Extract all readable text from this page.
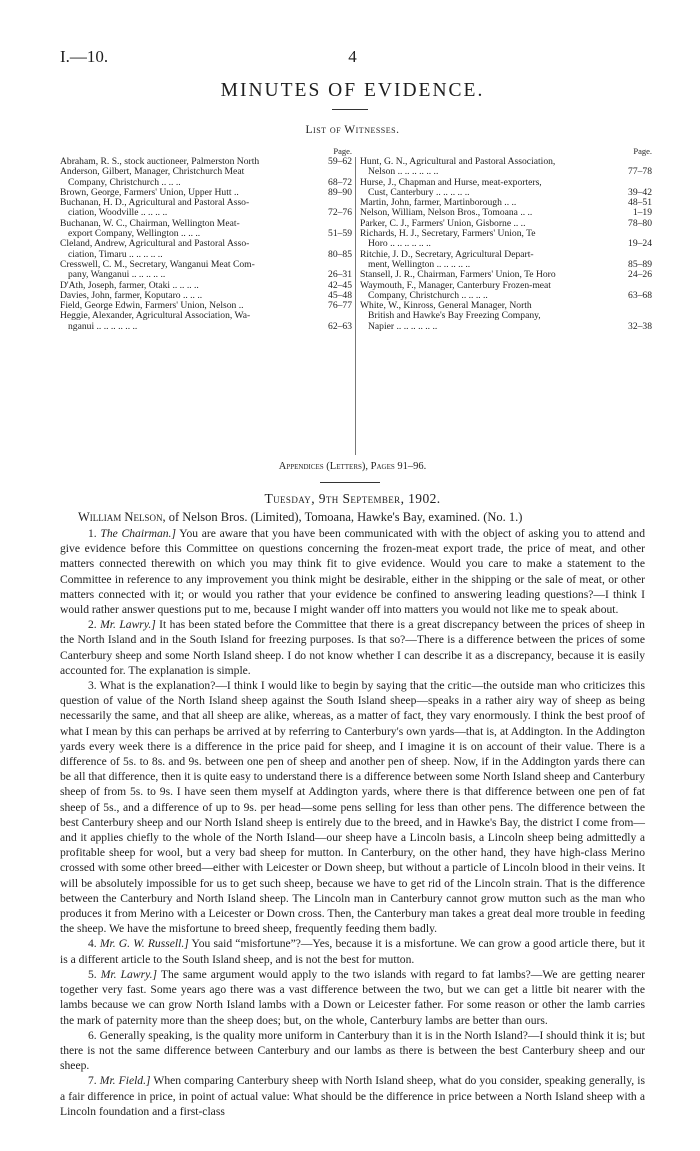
I.—10.	4
MINUTES OF EVIDENCE.
List of Witnesses.
Page.
Abraham, R. S., stock auctioneer, Palmerston North	59–62
Anderson, Gilbert, Manager, Christchurch Meat
Company, Christchurch .. .. ..	68–72
Brown, George, Farmers' Union, Upper Hutt ..	89–90
Buchanan, H. D., Agricultural and Pastoral Asso-
ciation, Woodville .. .. .. ..	72–76
Buchanan, W. C., Chairman, Wellington Meat-
export Company, Wellington .. .. ..	51–59
Cleland, Andrew, Agricultural and Pastoral Asso-
ciation, Timaru .. .. .. .. ..	80–85
Cresswell, C. M., Secretary, Wanganui Meat Com-
pany, Wanganui .. .. .. .. ..	26–31
D'Ath, Joseph, farmer, Otaki .. .. .. ..	42–45
Davies, John, farmer, Koputaro .. .. ..	45–48
Field, George Edwin, Farmers' Union, Nelson ..	76–77
Heggie, Alexander, Agricultural Association, Wa-
nganui .. .. .. .. .. ..	62–63
Page.
Hunt, G. N., Agricultural and Pastoral Association,
Nelson .. .. .. .. .. ..	77–78
Hurse, J., Chapman and Hurse, meat-exporters,
Cust, Canterbury .. .. .. .. ..	39–42
Martin, John, farmer, Martinborough .. ..	48–51
Nelson, William, Nelson Bros., Tomoana .. ..	1–19
Parker, C. J., Farmers' Union, Gisborne .. ..	78–80
Richards, H. J., Secretary, Farmers' Union, Te
Horo .. .. .. .. .. ..	19–24
Ritchie, J. D., Secretary, Agricultural Depart-
ment, Wellington .. .. .. .. ..	85–89
Stansell, J. R., Chairman, Farmers' Union, Te Horo	24–26
Waymouth, F., Manager, Canterbury Frozen-meat
Company, Christchurch .. .. .. ..	63–68
White, W., Kinross, General Manager, North
British and Hawke's Bay Freezing Company,
Napier .. .. .. .. .. ..	32–38
Appendices (Letters), Pages 91–96.
Tuesday, 9th September, 1902.
William Nelson, of Nelson Bros. (Limited), Tomoana, Hawke's Bay, examined. (No. 1.)

1. The Chairman.] You are aware that you have been communicated with with the object of asking you to attend and give evidence before this Committee on questions concerning the frozen-meat export trade, the price of meat, and other matters connected therewith on which you may think fit to give evidence. Would you care to make a statement to the Committee in reference to any improvement you think might be desirable, either in the shipping or the sale of meat, or other matters connected with it; or would you rather that your evidence be confined to answering leading questions?—I think I would rather answer questions put to me, because I might wander off into matters you would not like me to speak about.

2. Mr. Lawry.] It has been stated before the Committee that there is a great discrepancy between the prices of sheep in the North Island and in the South Island for freezing purposes. Is that so?—There is a difference between the prices of some Canterbury sheep and some North Island sheep. I do not know whether I can describe it as a discrepancy, because it is easily accounted for. The explanation is simple.

3. What is the explanation?—I think I would like to begin by saying that the critic—the outside man who criticizes this question of value of the North Island sheep against the South Island sheep—speaks in a rather airy way of sheep as being necessarily the same, and that all sheep are alike, whereas, as a matter of fact, they vary enormously. I think the best proof of what I mean by this can perhaps be arrived at by referring to Canterbury's own yards—that is, at Addington. In the Addington yards every week there is a difference in the price paid for sheep, and I imagine it is on account of their value. There is a difference of 5s. to 8s. and 9s. between one pen of sheep and another pen of sheep. Now, if in the Addington yards there can be all that difference, then it is quite easy to understand there is a difference between some North Island sheep and Canterbury sheep of from 5s. to 9s. I have seen them myself at Addington yards, where there is that difference between one pen of fat sheep of 5s., and a difference of up to 9s. per head—some pens selling for less than other pens. The difference between the best Canterbury sheep and our North Island sheep is entirely due to the breed, and in Hawke's Bay, the district I come from—and it applies chiefly to the whole of the North Island—our sheep have a Lincoln basis, a Lincoln sheep being admittedly a profitable sheep for wool, but a very bad sheep for mutton. In Canterbury, on the other hand, they have high-class Merino crossed with some other breed—either with Leicester or Down sheep, but without a particle of Lincoln blood in their veins. It will be absolutely impossible for us to get such sheep, because we have to get rid of the Lincoln strain. That is the difference between the Canterbury and North Island sheep. The Lincoln man in Canterbury cannot grow mutton such as the man who produces it from Merino with a Leicester or Down cross. Then, the Canterbury man takes a great deal more trouble in feeding the sheep. We have the misfortune to breed sheep, frequently feeding them badly.

4. Mr. G. W. Russell.] You said “misfortune”?—Yes, because it is a misfortune. We can grow a good article there, but it is a different article to the South Island sheep, and is not the best for mutton.

5. Mr. Lawry.] The same argument would apply to the two islands with regard to fat lambs?—We are getting nearer together very fast. Some years ago there was a vast difference between the two, but we can get a little bit nearer with the lambs because we can grow North Island lambs with a Down or Leicester father. For some reason or other the lamb carries the mark of paternity more than the sheep does; but, on the whole, Canterbury lambs are better than ours.

6. Generally speaking, is the quality more uniform in Canterbury than it is in the North Island?—I should think it is; but there is not the same difference between Canterbury and our lambs as there is between the best Canterbury sheep and our sheep.

7. Mr. Field.] When comparing Canterbury sheep with North Island sheep, what do you consider, speaking generally, is a fair difference in price, in point of actual value: What should be the difference in price between a North Island sheep with a Lincoln foundation and a first-class
